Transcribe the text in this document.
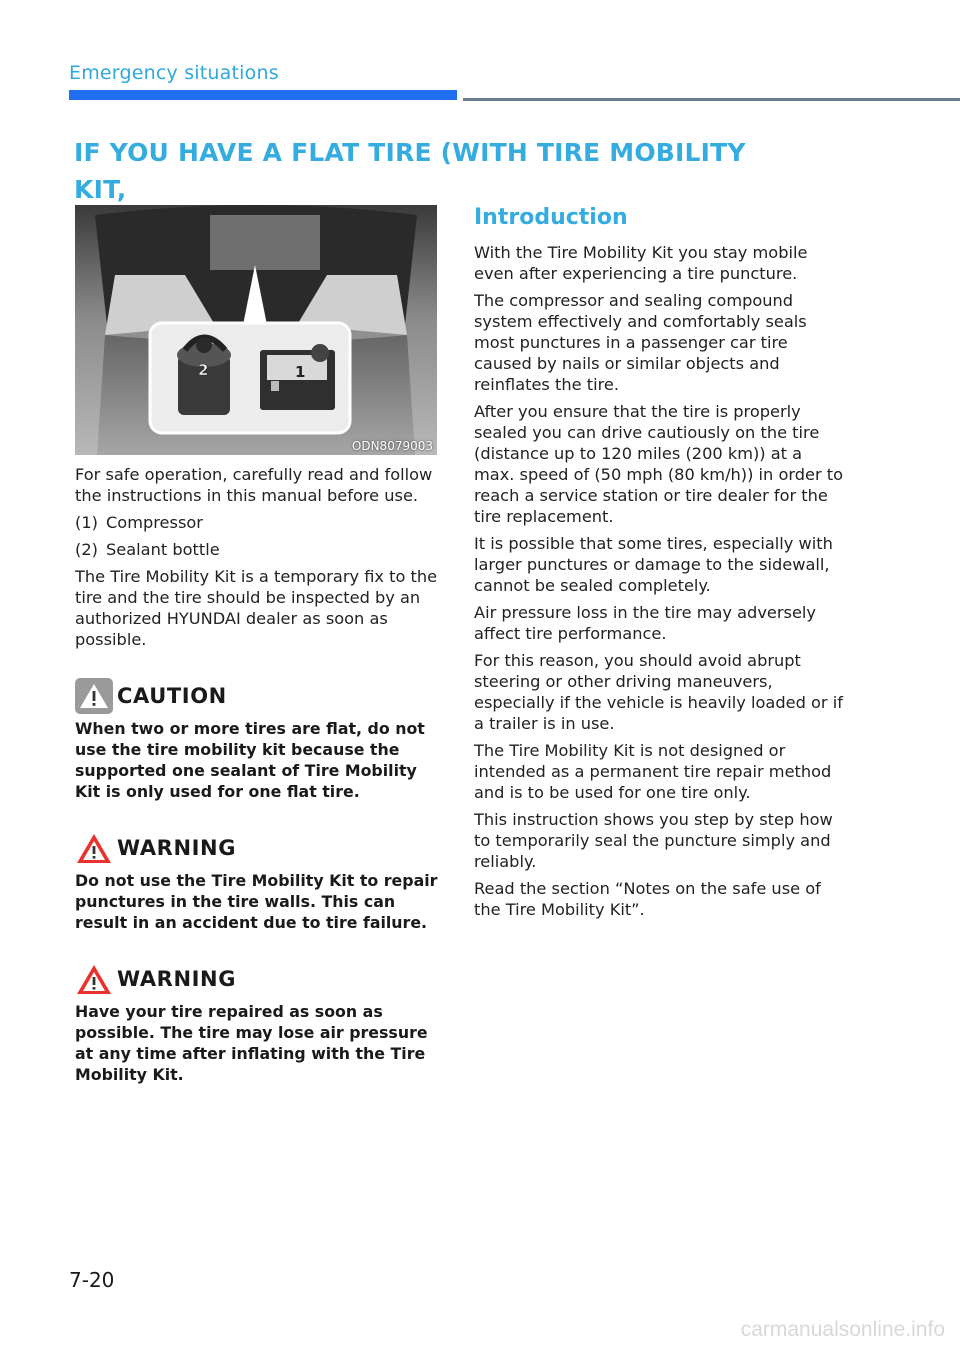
Emergency situations
IF YOU HAVE A FLAT TIRE (WITH TIRE MOBILITY KIT,
2	1
ODN8079003

For safe operation, carefully read and follow the instructions in this manual before use.

(1) Compressor
(2) Sealant bottle

The Tire Mobility Kit is a temporary fix to the tire and the tire should be inspected by an authorized HYUNDAI dealer as soon as possible.

CAUTION

When two or more tires are flat, do not use the tire mobility kit because the supported one sealant of Tire Mobility Kit is only used for one flat tire.

WARNING

Do not use the Tire Mobility Kit to repair punctures in the tire walls. This can result in an accident due to tire failure.

WARNING

Have your tire repaired as soon as possible. The tire may lose air pressure at any time after inflating with the Tire Mobility Kit.

Introduction

With the Tire Mobility Kit you stay mobile even after experiencing a tire puncture.

The compressor and sealing compound system effectively and comfortably seals most punctures in a passenger car tire caused by nails or similar objects and reinflates the tire.

After you ensure that the tire is properly sealed you can drive cautiously on the tire (distance up to 120 miles (200 km)) at a max. speed of (50 mph (80 km/h)) in order to reach a service station or tire dealer for the tire replacement.

It is possible that some tires, especially with larger punctures or damage to the sidewall, cannot be sealed completely.

Air pressure loss in the tire may adversely affect tire performance.

For this reason, you should avoid abrupt steering or other driving maneuvers, especially if the vehicle is heavily loaded or if a trailer is in use.

The Tire Mobility Kit is not designed or intended as a permanent tire repair method and is to be used for one tire only.

This instruction shows you step by step how to temporarily seal the puncture simply and reliably.

Read the section “Notes on the safe use of the Tire Mobility Kit”.

7-20
carmanualsonline.info
